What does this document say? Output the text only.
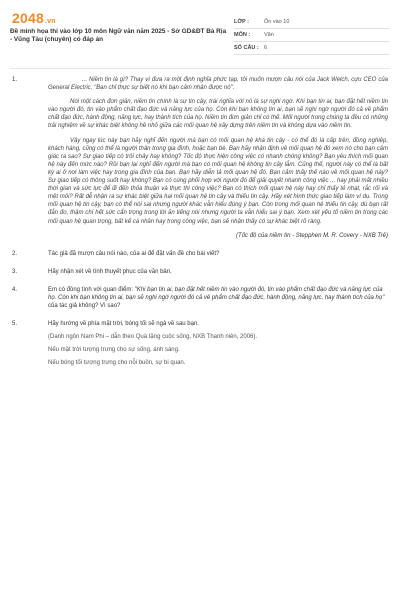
2048.vn
Đề minh họa thi vào lớp 10 môn Ngữ văn năm 2025 - Sở GD&ĐT Bà Rịa - Vũng Tàu (chuyên) có đáp án
LỚP :	Ôn vào 10
MÔN :	Văn
SỐ CÂU : 6
1.	... Niềm tin là gì? Thay vì đưa ra một định nghĩa phức tạp, tôi muốn mượn câu nói của Jack Welch, cựu CEO của General Electric, "Bạn chỉ thực sự biết nó khi bạn cảm nhận được nó".

Nói một cách đơn giản, niềm tin chính là sự tin cậy, trái nghĩa với nó là sự nghi ngờ. Khi bạn tin ai, bạn đặt hết niềm tin vào người đó, tin vào phẩm chất đạo đức và năng lực của họ. Còn khi bạn không tin ai, bạn sẽ nghi ngờ người đó cả về phẩm chất đạo đức, hành động, năng lực, hay thành tích của họ. Niềm tin đơn giản chỉ có thế. Mối người trong chúng ta đều có những trải nghiệm về sự khác biệt không hề nhỏ giữa các mối quan hệ xây dựng trên niềm tin và không dựa vào niềm tin.

Vậy ngay lúc này bạn hãy nghĩ đến người mà bạn có mối quan hệ khá tin cậy - có thể đó là cấp trên, đồng nghiệp, khách hàng, cũng có thể là người thân trong gia đình, hoặc bạn bè. Bạn hãy nhận định về mối quan hệ đó xem nó cho bạn cảm giác ra sao? Sự giao tiếp có trôi chảy hay không? Tốc độ thực hiện công việc có nhanh chóng không? Bạn yêu thích mối quan hệ này đến mức nào? Rồi bạn lại nghĩ đến người mà bạn có mối quan hệ không tin cậy lắm. Cũng thế, người này có thể là bất kỳ ai ở nơi làm việc hay trong gia đình của bạn. Bạn hãy diễn tả mối quan hệ đó. Bạn cảm thấy thế nào về mối quan hệ này? Sự giao tiếp có thông suốt hay không? Bạn có cùng phối hợp với người đó để giải quyết nhanh công việc ... hay phải mất nhiều thời gian và sức lực để đi đến thỏa thuận và thực thi công việc? Bạn có thích mối quan hệ này hay chỉ thấy tẻ nhạt, rắc rối và mệt mỏi? Rất dễ nhận ra sự khác biệt giữa hai mối quan hệ tin cậy và thiếu tin cậy. Hãy xét hình thức giao tiếp làm ví dụ. Trong mối quan hệ tin cậy, bạn có thể nói sai nhưng người khác vẫn hiểu đúng ý bạn. Còn trong mối quan hệ thiếu tin cậy, dù bạn rất đắn đo, thậm chí hết sức cẩn trọng trong lời ăn tiếng nói nhưng người ta vẫn hiểu sai ý bạn. Xem xét yếu tố niềm tin trong các mối quan hệ quan trọng, bất kể cá nhân hay trong công việc, bạn sẽ nhận thấy có sự khác biệt rõ ràng.

(Tốc độ của niềm tin - Stepphen M. R. Covery - NXB Trẻ)
2.	Tác giả đã mượn câu nói nào, của ai để đặt vấn đề cho bài viết?
3.	Hãy nhận xét về tính thuyết phục của văn bản.
4.	Em có đồng tình với quan điểm: "Khi bạn tin ai, bạn đặt hết niềm tin vào người đó, tin vào phẩm chất đạo đức và năng lực của họ. Còn khi bạn không tin ai, bạn sẽ nghi ngờ người đó cả về phẩm chất đạo đức, hành động, năng lực, hay thành tích của họ" của tác giả không? Vì sao?
5.	Hãy hướng về phía mặt trời, bóng tối sẽ ngả về sau bạn.
(Danh ngôn Nam Phi – dẫn theo Quà tặng cuộc sống, NXB Thanh niên, 2006).
Nếu mặt trời tượng trưng cho sự sống, ánh sáng.
Nếu bóng tối tượng trưng cho nỗi buồn, sự bi quan.
